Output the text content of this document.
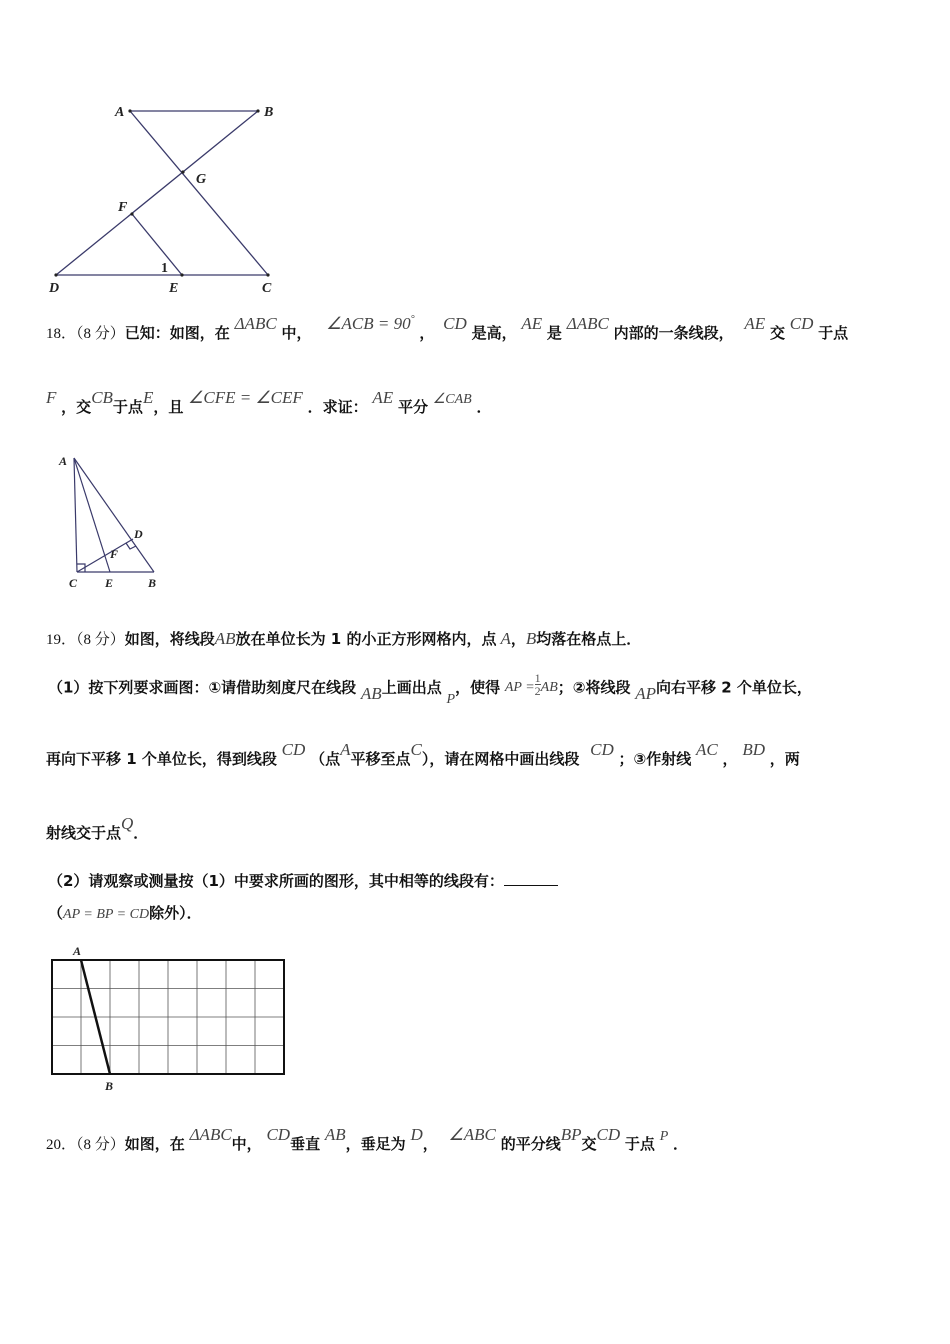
A	B
G
F
1
D	E	C
18．（8 分）已知：如图，在 ΔABC 中， ∠ACB = 90° ， CD 是高， AE 是 ΔABC 内部的一条线段， AE 交 CD 于点
F ，交CB于点E，且 ∠CFE = ∠CEF ．求证： AE 平分 ∠CAB ．
A
D
F
C E	B
19．（8 分）如图，将线段AB放在单位长为 1 的小正方形网格内，点 A，B均落在格点上．
（1）按下列要求画图：①请借助刻度尺在线段 AB上画出点 P，使得 AP $=\frac{1}{2}AB$；②将线段 AP向右平移 2 个单位长，
再向下平移 1 个单位长，得到线段 CD （点A平移至点C），请在网格中画出线段 CD ；③作射线 AC ， BD ，两
射线交于点Q．
（2）请观察或测量按（1）中要求所画的图形，其中相等的线段有：
（AP = BP = CD除外）．
A
B
20．（8 分）如图，在 ΔABC中， CD垂直 AB，垂足为 D， ∠ABC 的平分线BP交CD 于点 P ．
